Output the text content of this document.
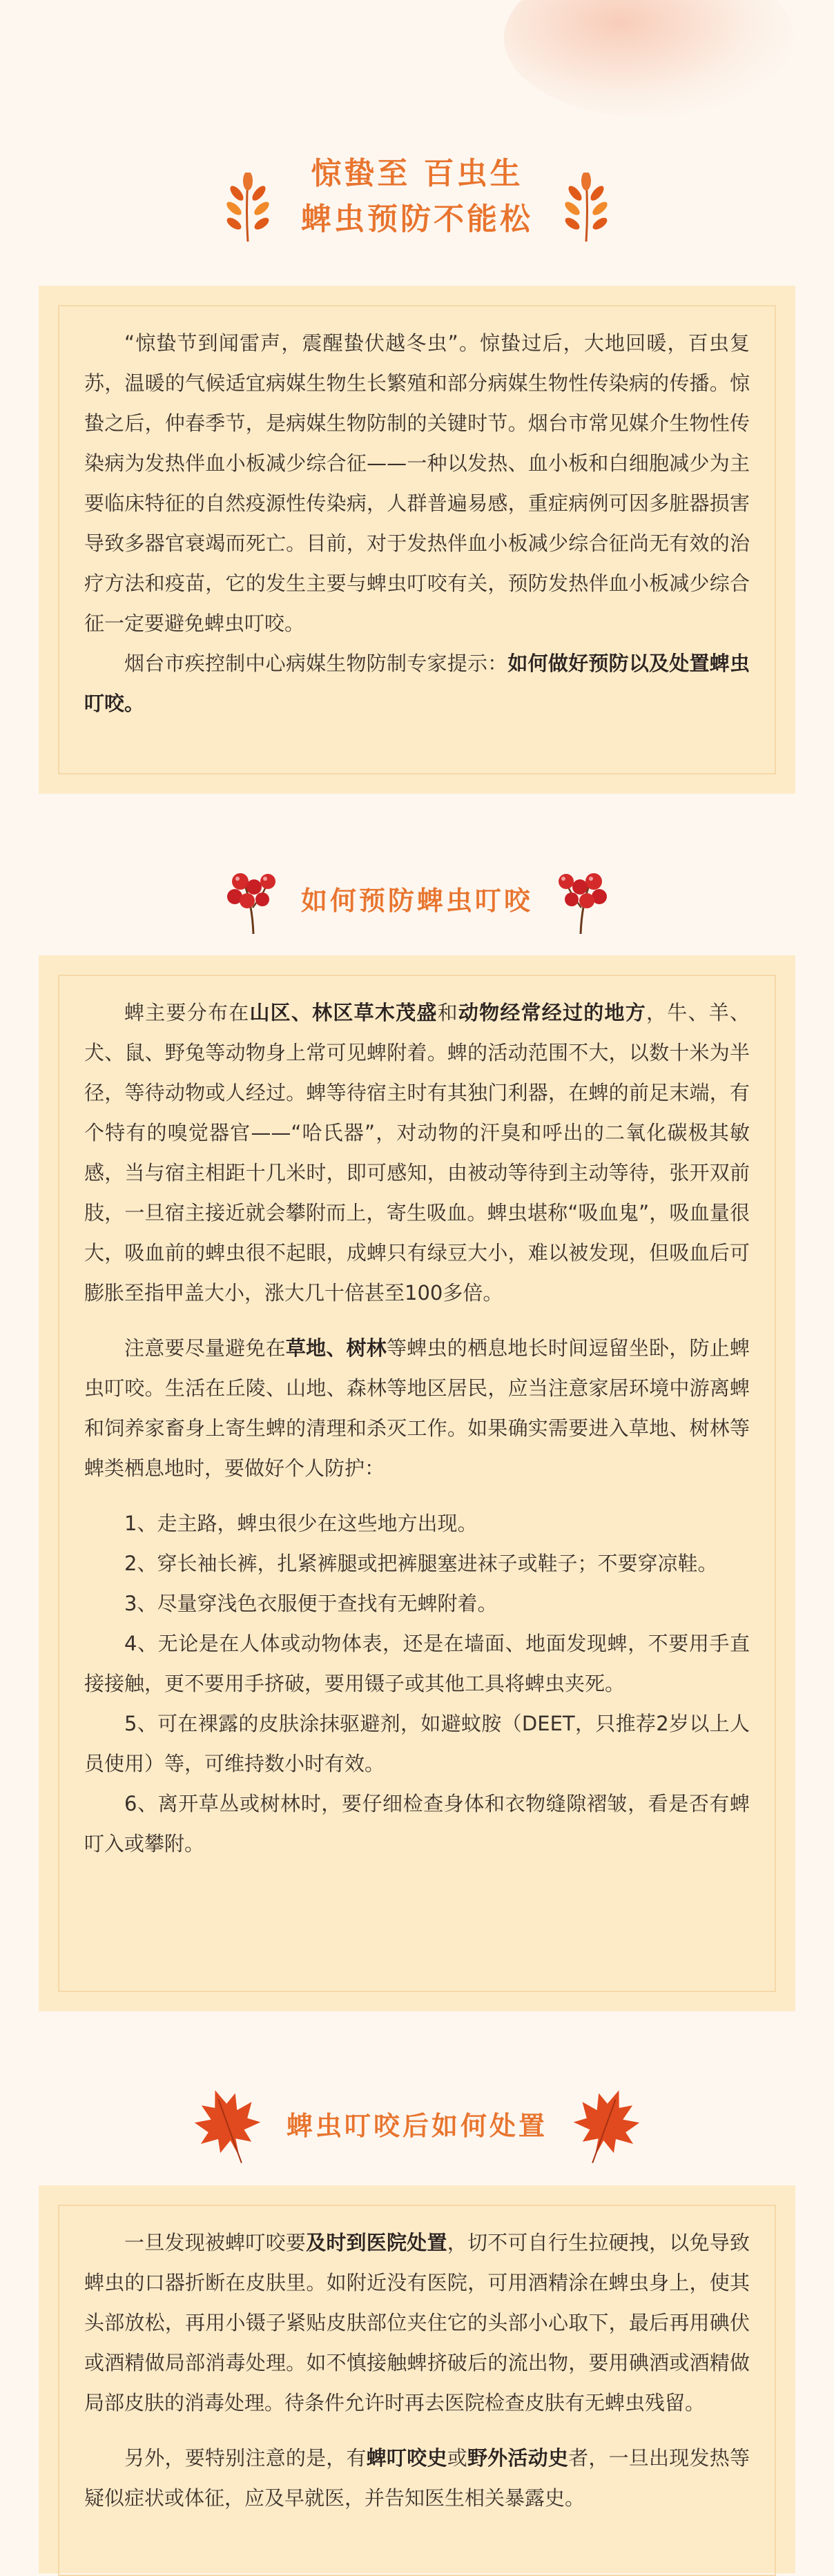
惊蛰至 百虫生
蜱虫预防不能松

“惊蛰节到闻雷声，震醒蛰伏越冬虫”。惊蛰过后，大地回暖，百虫复苏，温暖的气候适宜病媒生物生长繁殖和部分病媒生物性传染病的传播。惊蛰之后，仲春季节，是病媒生物防制的关键时节。烟台市常见媒介生物性传染病为发热伴血小板减少综合征——一种以发热、血小板和白细胞减少为主要临床特征的自然疫源性传染病，人群普遍易感，重症病例可因多脏器损害导致多器官衰竭而死亡。目前，对于发热伴血小板减少综合征尚无有效的治疗方法和疫苗，它的发生主要与蜱虫叮咬有关，预防发热伴血小板减少综合征一定要避免蜱虫叮咬。

烟台市疾控制中心病媒生物防制专家提示：如何做好预防以及处置蜱虫叮咬。

如何预防蜱虫叮咬

蜱主要分布在山区、林区草木茂盛和动物经常经过的地方，牛、羊、犬、鼠、野兔等动物身上常可见蜱附着。蜱的活动范围不大，以数十米为半径，等待动物或人经过。蜱等待宿主时有其独门利器，在蜱的前足末端，有个特有的嗅觉器官——“哈氏器”，对动物的汗臭和呼出的二氧化碳极其敏感，当与宿主相距十几米时，即可感知，由被动等待到主动等待，张开双前肢，一旦宿主接近就会攀附而上，寄生吸血。蜱虫堪称“吸血鬼”，吸血量很大，吸血前的蜱虫很不起眼，成蜱只有绿豆大小，难以被发现，但吸血后可膨胀至指甲盖大小，涨大几十倍甚至100多倍。

注意要尽量避免在草地、树林等蜱虫的栖息地长时间逗留坐卧，防止蜱虫叮咬。生活在丘陵、山地、森林等地区居民，应当注意家居环境中游离蜱和饲养家畜身上寄生蜱的清理和杀灭工作。如果确实需要进入草地、树林等蜱类栖息地时，要做好个人防护：

1、走主路，蜱虫很少在这些地方出现。

2、穿长袖长裤，扎紧裤腿或把裤腿塞进袜子或鞋子；不要穿凉鞋。

3、尽量穿浅色衣服便于查找有无蜱附着。

4、无论是在人体或动物体表，还是在墙面、地面发现蜱，不要用手直接接触，更不要用手挤破，要用镊子或其他工具将蜱虫夹死。

5、可在裸露的皮肤涂抹驱避剂，如避蚊胺（DEET，只推荐2岁以上人员使用）等，可维持数小时有效。

6、离开草丛或树林时，要仔细检查身体和衣物缝隙褶皱，看是否有蜱叮入或攀附。

蜱虫叮咬后如何处置

一旦发现被蜱叮咬要及时到医院处置，切不可自行生拉硬拽，以免导致蜱虫的口器折断在皮肤里。如附近没有医院，可用酒精涂在蜱虫身上，使其头部放松，再用小镊子紧贴皮肤部位夹住它的头部小心取下，最后再用碘伏或酒精做局部消毒处理。如不慎接触蜱挤破后的流出物，要用碘酒或酒精做局部皮肤的消毒处理。待条件允许时再去医院检查皮肤有无蜱虫残留。

另外，要特别注意的是，有蜱叮咬史或野外活动史者，一旦出现发热等疑似症状或体征，应及早就医，并告知医生相关暴露史。
